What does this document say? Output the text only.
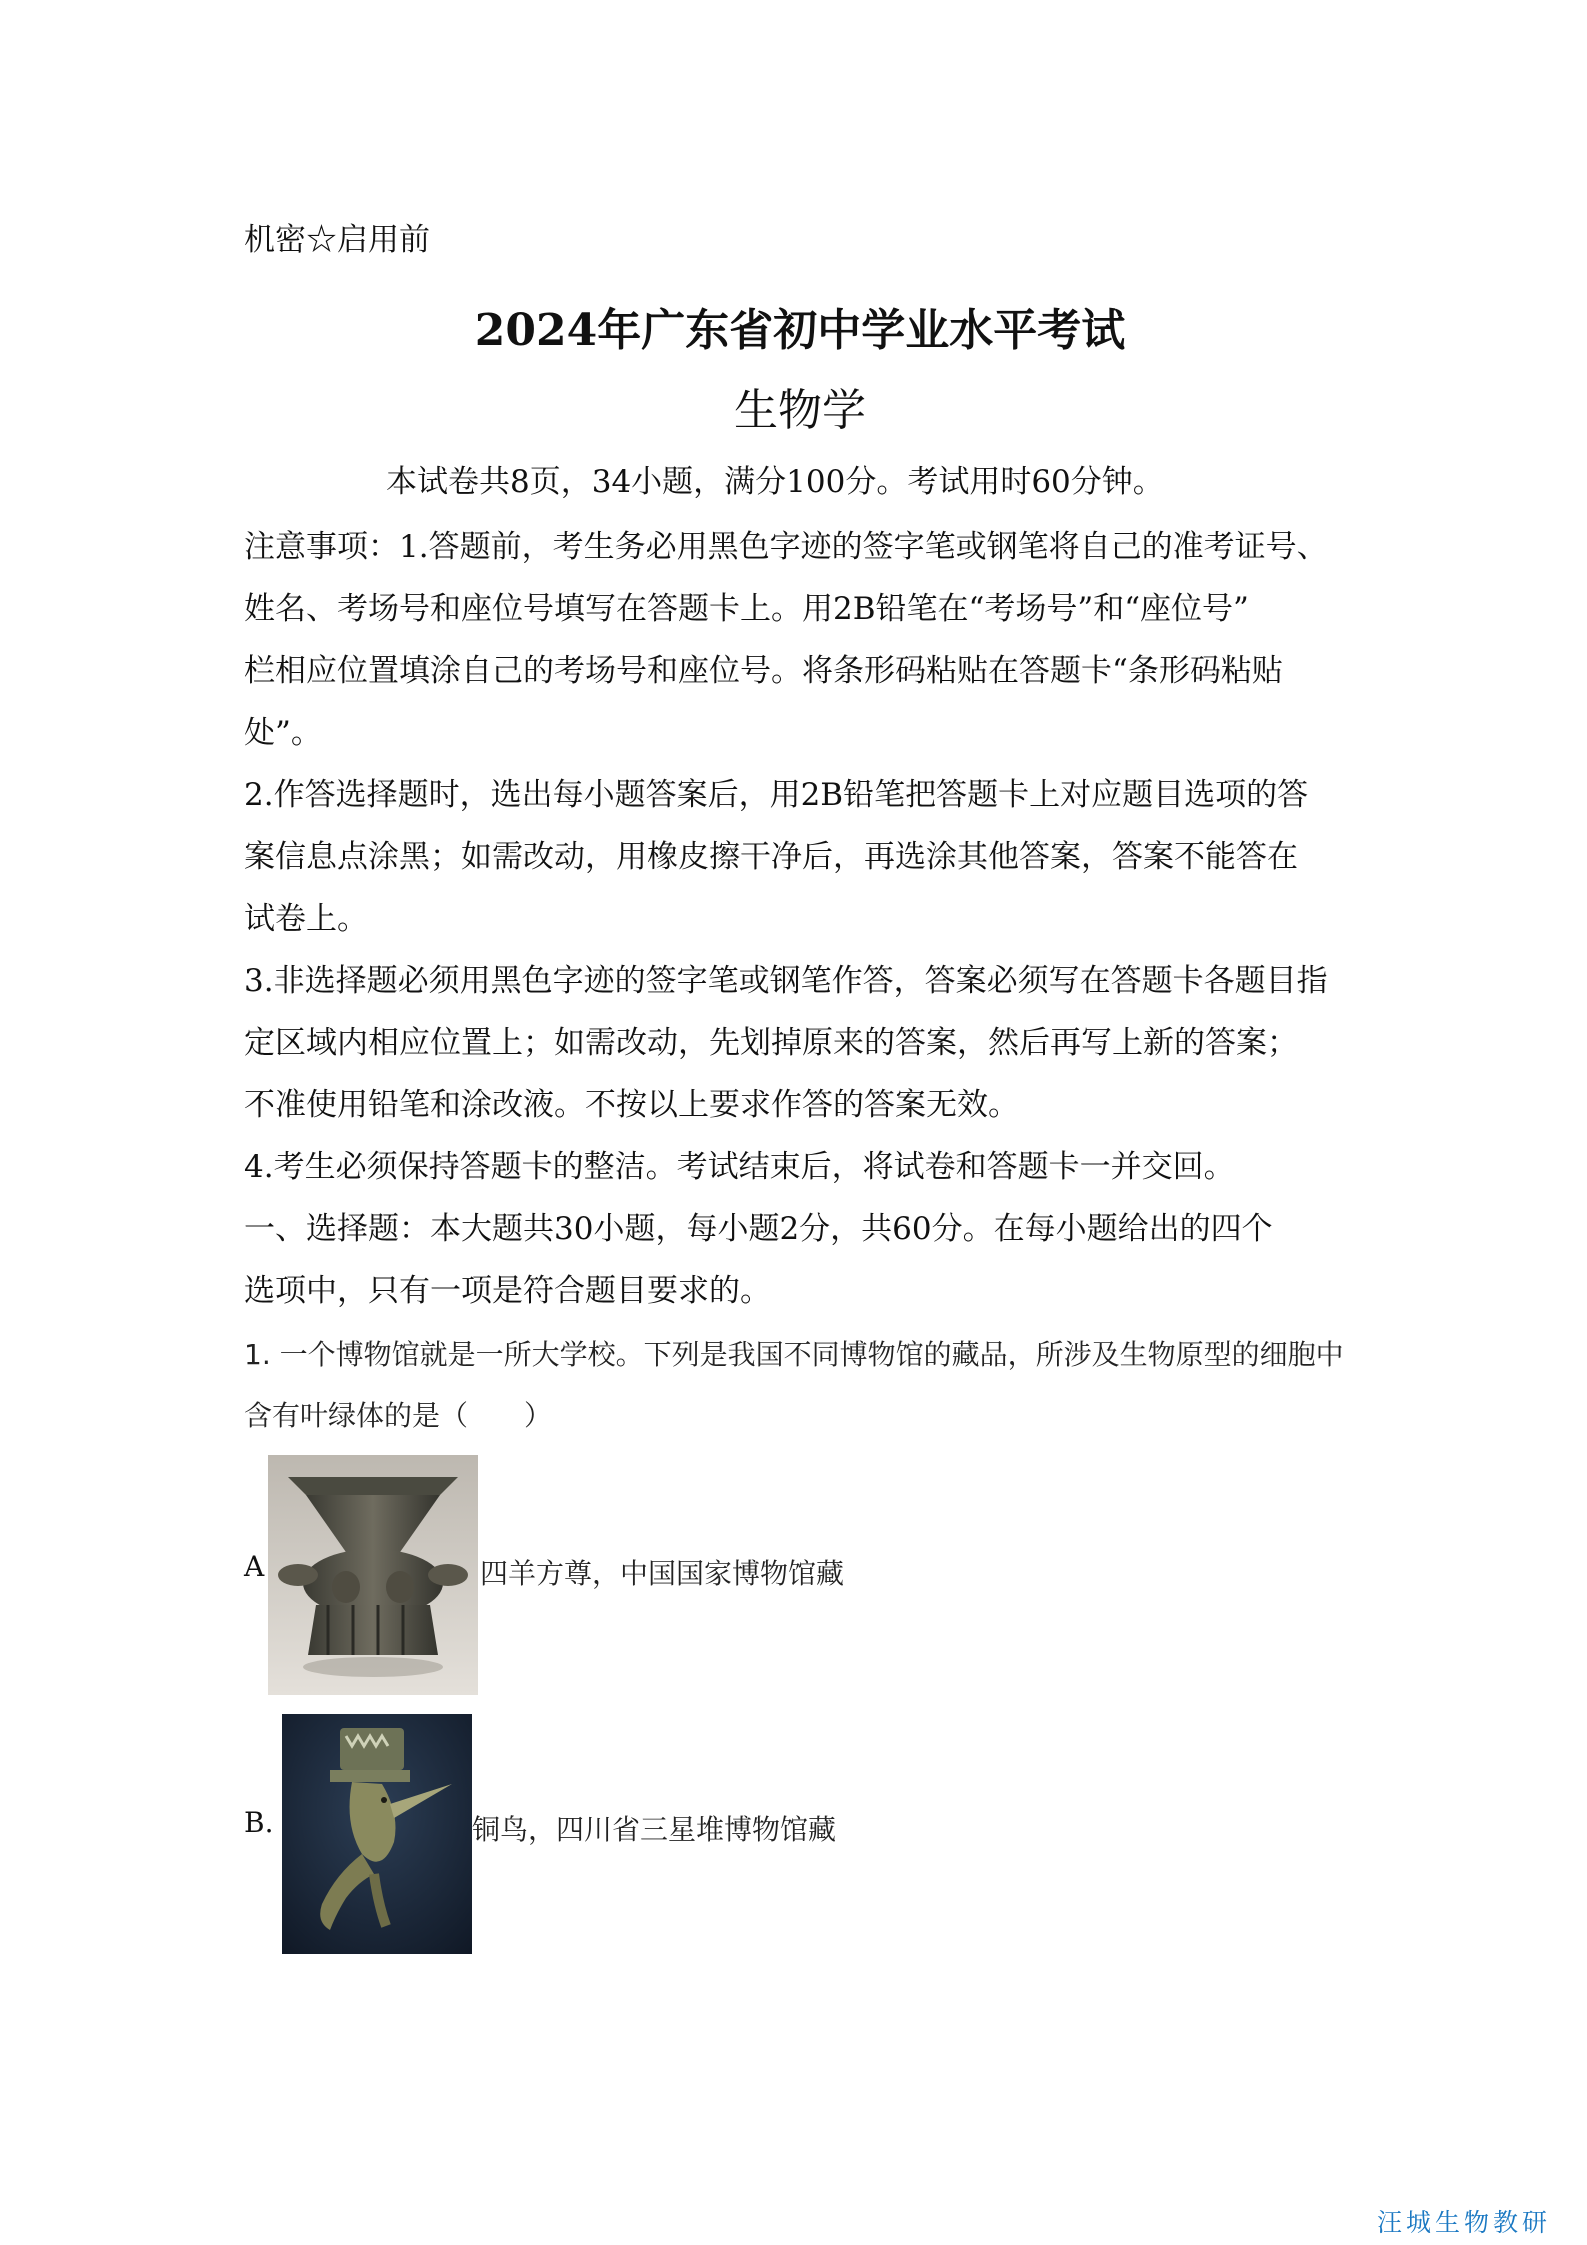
机密☆启用前
2024年广东省初中学业水平考试
生物学
本试卷共8页，34小题，满分100分。考试用时60分钟。
注意事项：1.答题前，考生务必用黑色字迹的签字笔或钢笔将自己的准考证号、
姓名、考场号和座位号填写在答题卡上。用2B铅笔在“考场号”和“座位号”
栏相应位置填涂自己的考场号和座位号。将条形码粘贴在答题卡“条形码粘贴
处”。
2.作答选择题时，选出每小题答案后，用2B铅笔把答题卡上对应题目选项的答
案信息点涂黑；如需改动，用橡皮擦干净后，再选涂其他答案，答案不能答在
试卷上。
3.非选择题必须用黑色字迹的签字笔或钢笔作答，答案必须写在答题卡各题目指
定区域内相应位置上；如需改动，先划掉原来的答案，然后再写上新的答案；
不准使用铅笔和涂改液。不按以上要求作答的答案无效。
4.考生必须保持答题卡的整洁。考试结束后，将试卷和答题卡一并交回。
一、选择题：本大题共30小题，每小题2分，共60分。在每小题给出的四个
选项中，只有一项是符合题目要求的。
1. 一个博物馆就是一所大学校。下列是我国不同博物馆的藏品，所涉及生物原型的细胞中
含有叶绿体的是（　　）
A	四羊方尊，中国国家博物馆藏
B.	铜鸟，四川省三星堆博物馆藏
汪城生物教研
